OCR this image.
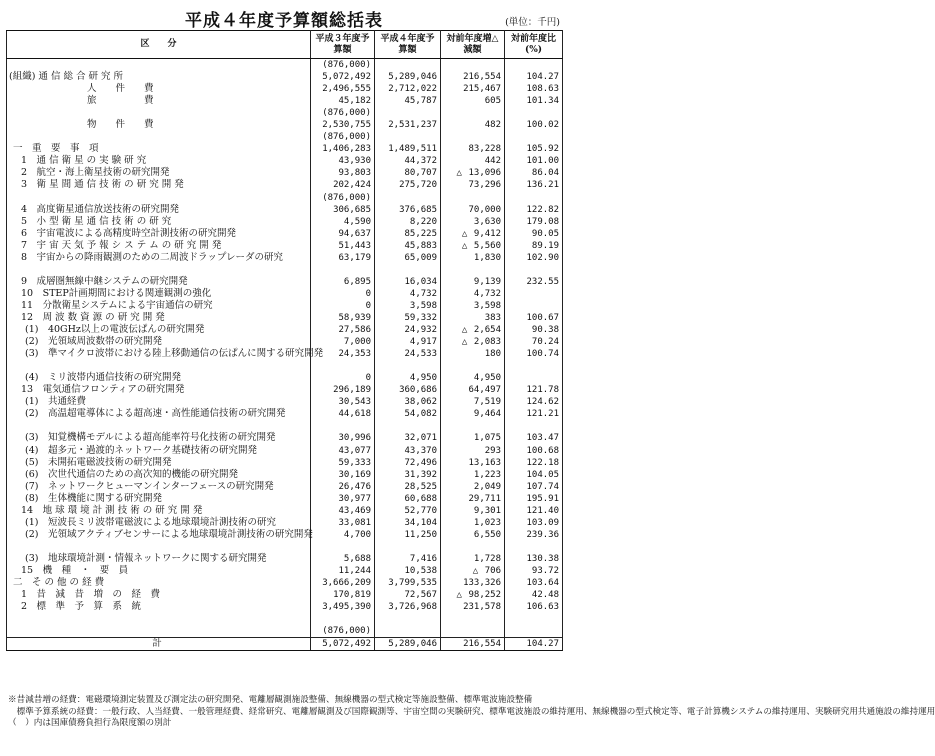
平成４年度予算額総括表	(単位：千円)
区　　分	平成３年度予算額	平成４年度予算額	対前年度増△減額	対前年度比(%)
	(876,000)			
(組織) 通 信 総 合 研 究 所	5,072,492	5,289,046	216,554	104.27
人　　件　　費	2,496,555	2,712,022	215,467	108.63
旅　　　　　費	45,182	45,787	605	101.34
	(876,000)			
物　　件　　費	2,530,755	2,531,237	482	100.02
	(876,000)			
一　重　要　事　項	1,406,283	1,489,511	83,228	105.92
1　通 信 衛 星 の 実 験 研 究	43,930	44,372	442	101.00
2　航空・海上衛星技術の研究開発	93,803	80,707	△ 13,096	86.04
3　衛 星 間 通 信 技 術 の 研 究 開 発	202,424	275,720	73,296	136.21
	(876,000)			
4　高度衛星通信放送技術の研究開発	306,685	376,685	70,000	122.82
5　小 型 衛 星 通 信 技 術 の 研 究	4,590	8,220	3,630	179.08
6　宇宙電波による高精度時空計測技術の研究開発	94,637	85,225	△ 9,412	90.05
7　宇 宙 天 気 予 報 シ ス テ ム の 研 究 開 発	51,443	45,883	△ 5,560	89.19
8　宇宙からの降雨観測のための二周波ドラップレーダの研究	63,179	65,009	1,830	102.90

9　成層圏無線中継システムの研究開発	6,895	16,034	9,139	232.55
10　STEP計画期間における関連観測の強化	0	4,732	4,732	
11　分散衛星システムによる宇宙通信の研究	0	3,598	3,598	
12　周 波 数 資 源 の 研 究 開 発	58,939	59,332	383	100.67
(1)　40GHz以上の電波伝ぱんの研究開発	27,586	24,932	△ 2,654	90.38
(2)　光領域周波数帯の研究開発	7,000	4,917	△ 2,083	70.24
(3)　準マイクロ波帯における陸上移動通信の伝ぱんに関する研究開発	24,353	24,533	180	100.74

(4)　ミリ波帯内通信技術の研究開発	0	4,950	4,950	
13　電気通信フロンティアの研究開発	296,189	360,686	64,497	121.78
(1)　共通経費	30,543	38,062	7,519	124.62
(2)　高温超電導体による超高速・高性能通信技術の研究開発	44,618	54,082	9,464	121.21

(3)　知覚機構モデルによる超高能率符号化技術の研究開発	30,996	32,071	1,075	103.47
(4)　超多元・過渡的ネットワーク基礎技術の研究開発	43,077	43,370	293	100.68
(5)　未開拓電磁波技術の研究開発	59,333	72,496	13,163	122.18
(6)　次世代通信のための高次知的機能の研究開発	30,169	31,392	1,223	104.05
(7)　ネットワークヒューマンインターフェースの研究開発	26,476	28,525	2,049	107.74
(8)　生体機能に関する研究開発	30,977	60,688	29,711	195.91
14　地 球 環 境 計 測 技 術 の 研 究 開 発	43,469	52,770	9,301	121.40
(1)　短波長ミリ波帯電磁波による地球環境計測技術の研究	33,081	34,104	1,023	103.09
(2)　光領域アクティブセンサーによる地球環境計測技術の研究開発	4,700	11,250	6,550	239.36

(3)　地球環境計測・情報ネットワークに関する研究開発	5,688	7,416	1,728	130.38
15　機　種　・　要　員	11,244	10,538	△ 706	93.72
二　そ の 他 の 経 費	3,666,209	3,799,535	133,326	103.64
1　昔　減　昔　増　の　経　費	170,819	72,567	△ 98,252	42.48
2　標　準　予　算　系　統	3,495,390	3,726,968	231,578	106.63

	(876,000)			
計	5,072,492	5,289,046	216,554	104.27

※昔減昔増の経費：電磁環境測定装置及び測定法の研究開発、電離層観測施設整備、無線機器の型式検定等施設整備、標準電波施設整備

　標準予算系統の経費：一般行政、人当経費、一般管理経費、経常研究、電離層観測及び国際観測等、宇宙空間の実験研究、標準電波施設の維持運用、無線機器の型式検定等、電子計算機システムの維持運用、実験研究用共通施設の維持運用

（　）内は国庫債務負担行為限度額の別計
